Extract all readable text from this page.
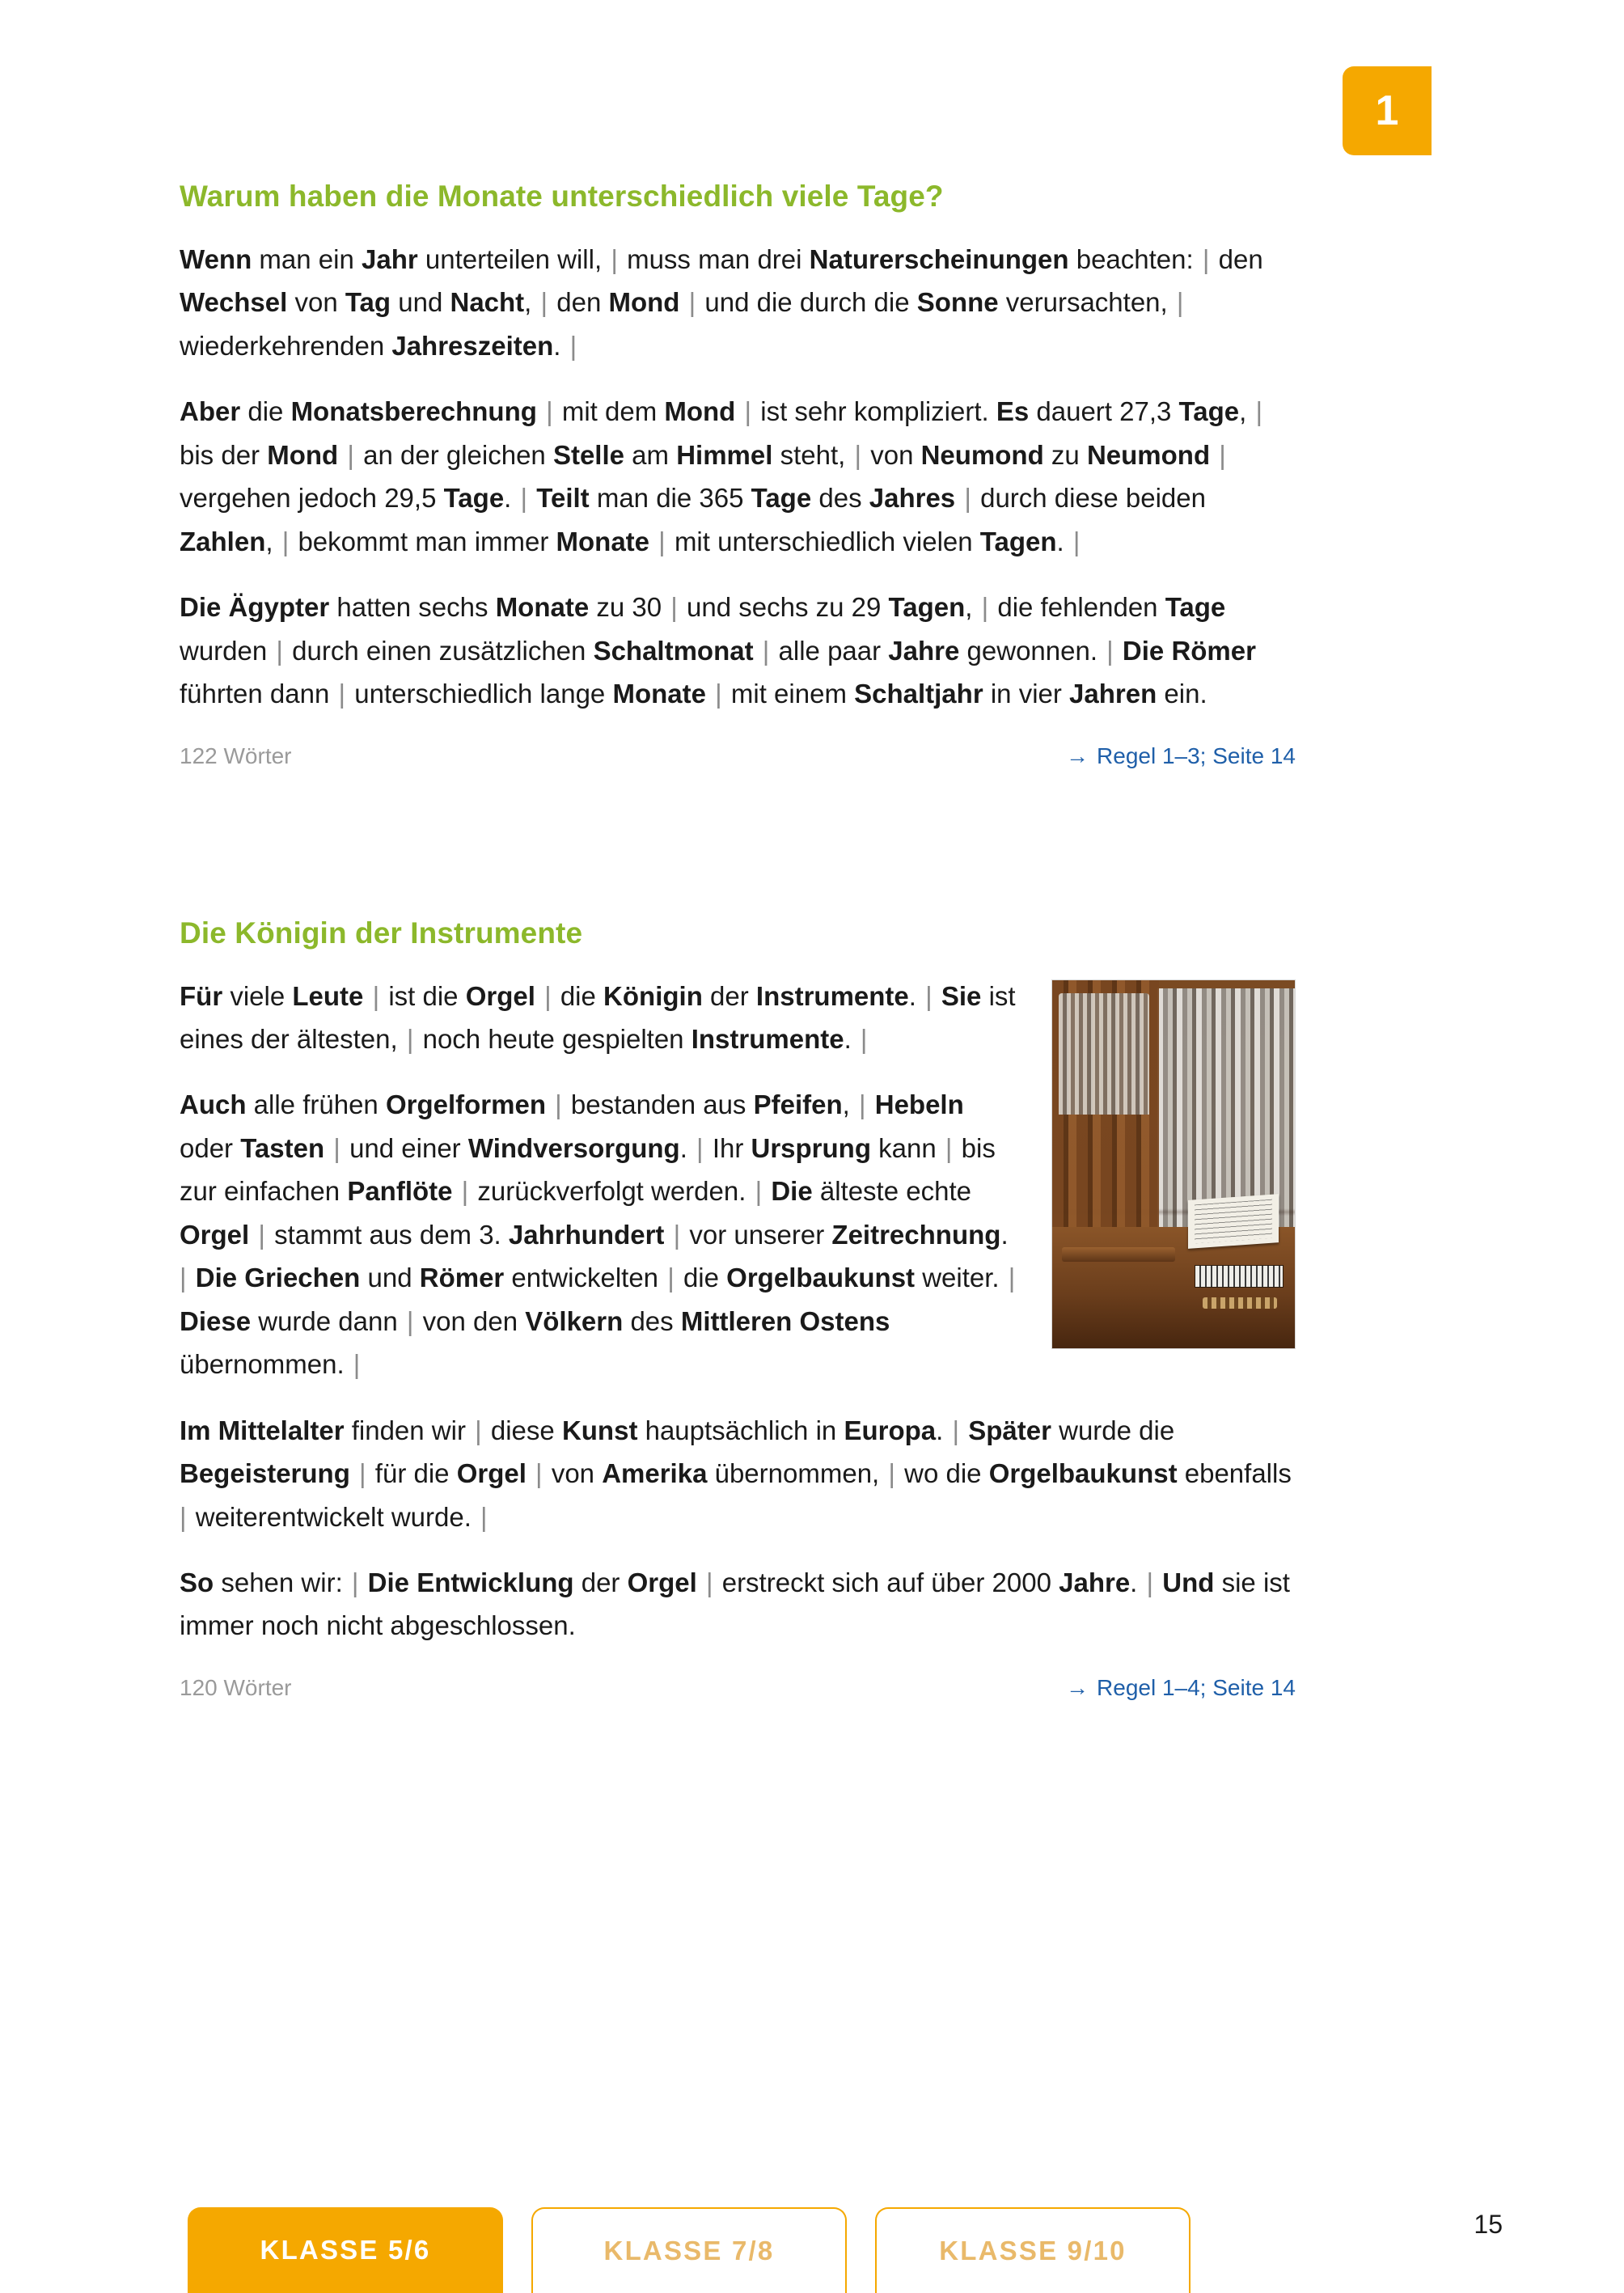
1
Warum haben die Monate unterschiedlich viele Tage?

Wenn man ein Jahr unterteilen will, | muss man drei Naturerscheinungen beachten: | den Wechsel von Tag und Nacht, | den Mond | und die durch die Sonne verursachten, | wiederkehrenden Jahreszeiten. |

Aber die Monatsberechnung | mit dem Mond | ist sehr kompliziert. Es dauert 27,3 Tage, | bis der Mond | an der gleichen Stelle am Himmel steht, | von Neumond zu Neumond | vergehen jedoch 29,5 Tage. | Teilt man die 365 Tage des Jahres | durch diese beiden Zahlen, | bekommt man immer Monate | mit unterschiedlich vielen Tagen. |

Die Ägypter hatten sechs Monate zu 30 | und sechs zu 29 Tagen, | die fehlenden Tage wurden | durch einen zusätzlichen Schaltmonat | alle paar Jahre gewonnen. | Die Römer führten dann | unterschiedlich lange Monate | mit einem Schaltjahr in vier Jahren ein.

122 Wörter	→ Regel 1–3; Seite 14
Die Königin der Instrumente

Für viele Leute | ist die Orgel | die Königin der Instrumente. | Sie ist eines der ältesten, | noch heute gespielten Instrumente. |

Auch alle frühen Orgelformen | bestanden aus Pfeifen, | Hebeln oder Tasten | und einer Windversorgung. | Ihr Ursprung kann | bis zur einfachen Panflöte | zurückverfolgt werden. | Die älteste echte Orgel | stammt aus dem 3. Jahrhundert | vor unserer Zeitrechnung. | Die Griechen und Römer entwickelten | die Orgelbaukunst weiter. | Diese wurde dann | von den Völkern des Mittleren Ostens übernommen. |

Im Mittelalter finden wir | diese Kunst hauptsächlich in Europa. | Später wurde die Begeisterung | für die Orgel | von Amerika übernommen, | wo die Orgelbaukunst ebenfalls | weiterentwickelt wurde. |

So sehen wir: | Die Entwicklung der Orgel | erstreckt sich auf über 2000 Jahre. | Und sie ist immer noch nicht abgeschlossen.

120 Wörter	→ Regel 1–4; Seite 14
KLASSE 5/6	KLASSE 7/8	KLASSE 9/10
15
